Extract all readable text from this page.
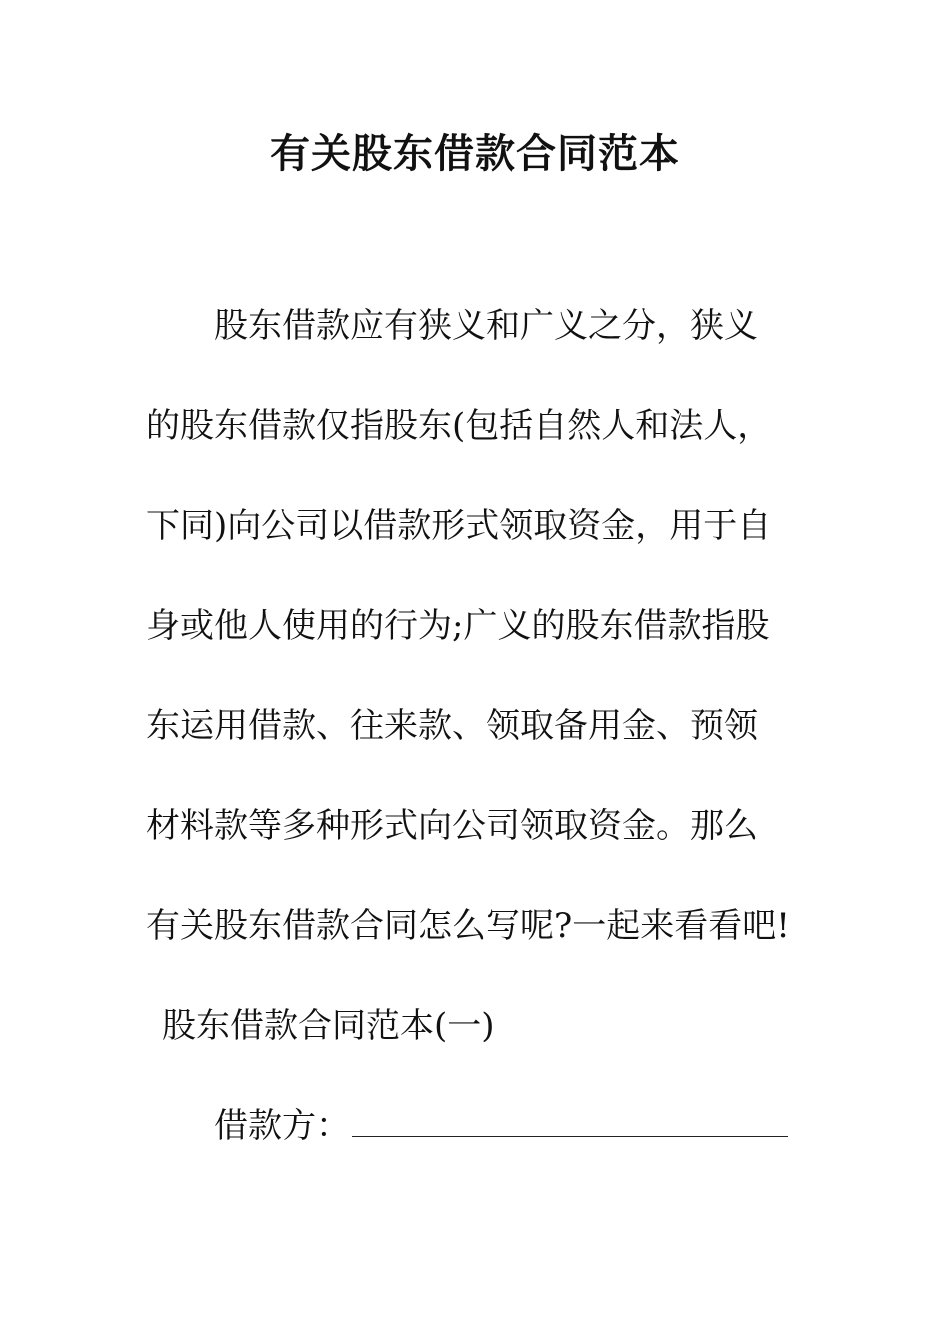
有关股东借款合同范本
股东借款应有狭义和广义之分，狭义
的股东借款仅指股东(包括自然人和法人，
下同)向公司以借款形式领取资金，用于自
身或他人使用的行为;广义的股东借款指股
东运用借款、往来款、领取备用金、预领
材料款等多种形式向公司领取资金。那么
有关股东借款合同怎么写呢?一起来看看吧!
股东借款合同范本(一)
借款方：
